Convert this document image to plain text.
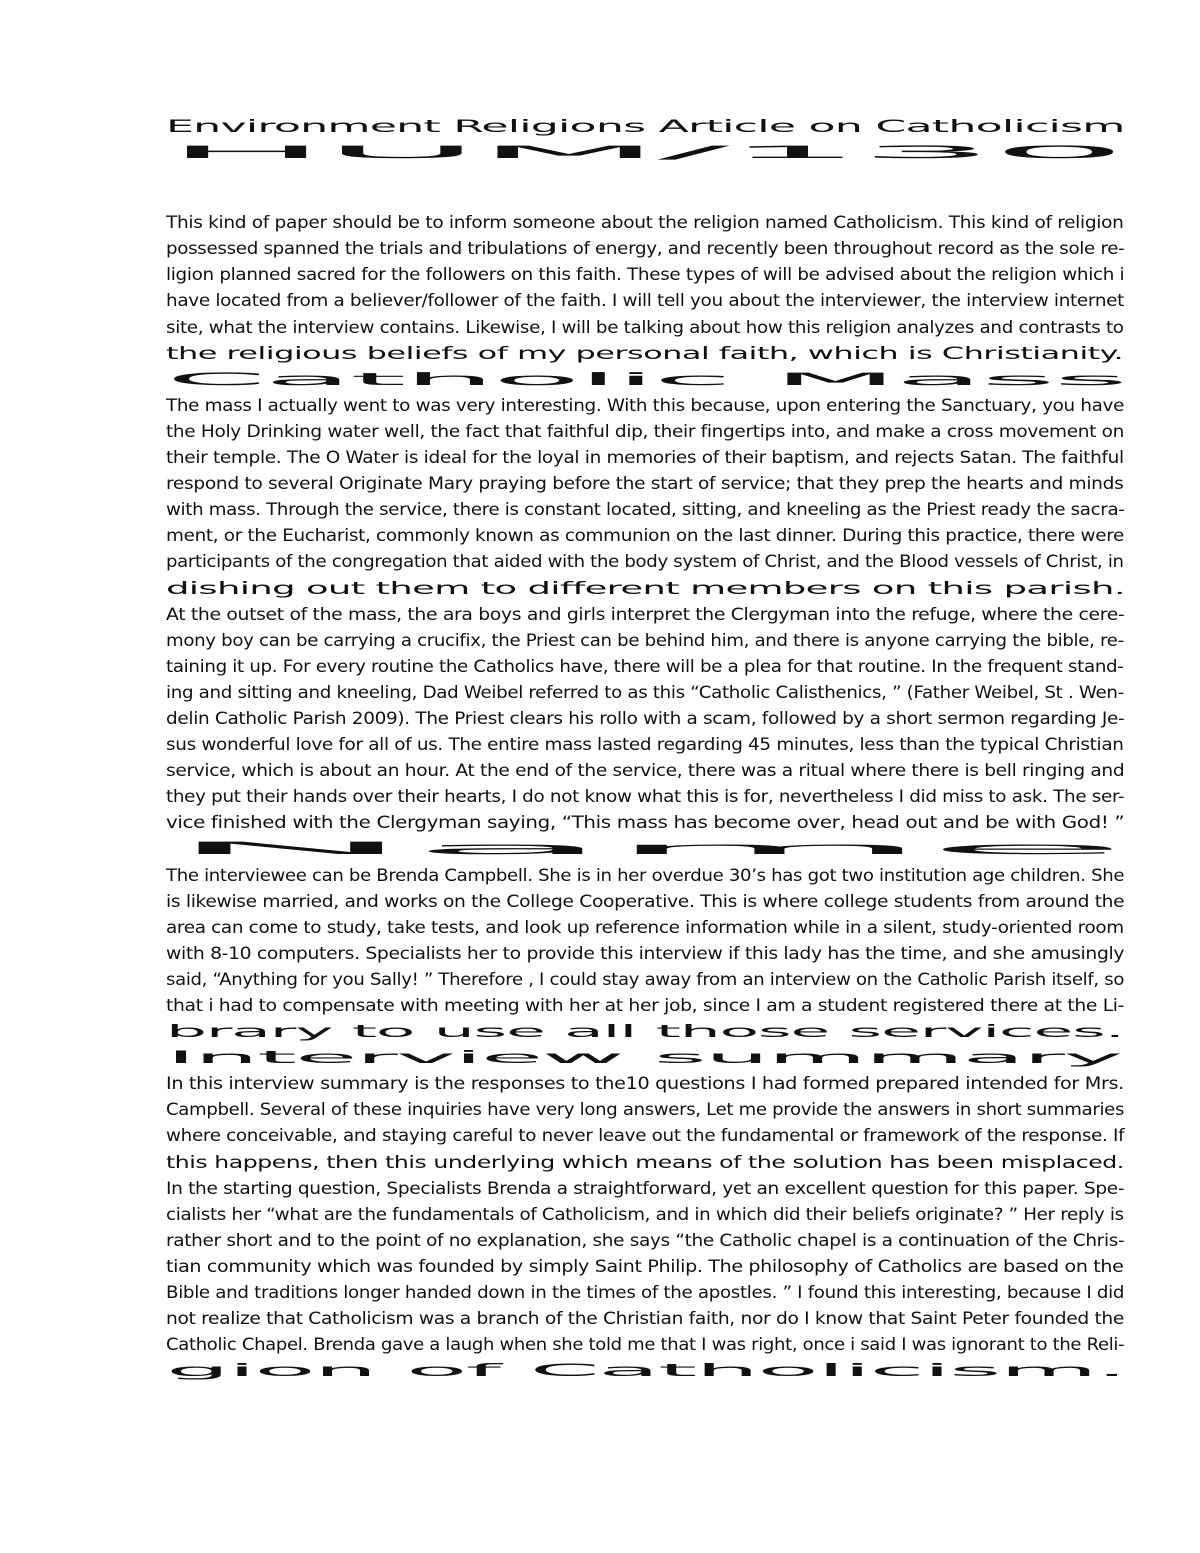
Environment Religions Article on Catholicism
HUM/130
This kind of paper should be to inform someone about the religion named Catholicism. This kind of religion
possessed spanned the trials and tribulations of energy, and recently been throughout record as the sole re-
ligion planned sacred for the followers on this faith. These types of will be advised about the religion which i
have located from a believer/follower of the faith. I will tell you about the interviewer, the interview internet
site, what the interview contains. Likewise, I will be talking about how this religion analyzes and contrasts to
the religious beliefs of my personal faith, which is Christianity.
Catholic Mass
The mass I actually went to was very interesting. With this because, upon entering the Sanctuary, you have
the Holy Drinking water well, the fact that faithful dip, their fingertips into, and make a cross movement on
their temple. The O Water is ideal for the loyal in memories of their baptism, and rejects Satan. The faithful
respond to several Originate Mary praying before the start of service; that they prep the hearts and minds
with mass. Through the service, there is constant located, sitting, and kneeling as the Priest ready the sacra-
ment, or the Eucharist, commonly known as communion on the last dinner. During this practice, there were
participants of the congregation that aided with the body system of Christ, and the Blood vessels of Christ, in
dishing out them to different members on this parish.
At the outset of the mass, the ara boys and girls interpret the Clergyman into the refuge, where the cere-
mony boy can be carrying a crucifix, the Priest can be behind him, and there is anyone carrying the bible, re-
taining it up. For every routine the Catholics have, there will be a plea for that routine. In the frequent stand-
ing and sitting and kneeling, Dad Weibel referred to as this “Catholic Calisthenics, ” (Father Weibel, St . Wen-
delin Catholic Parish 2009). The Priest clears his rollo with a scam, followed by a short sermon regarding Je-
sus wonderful love for all of us. The entire mass lasted regarding 45 minutes, less than the typical Christian
service, which is about an hour. At the end of the service, there was a ritual where there is bell ringing and
they put their hands over their hearts, I do not know what this is for, nevertheless I did miss to ask. The ser-
vice finished with the Clergyman saying, “This mass has become over, head out and be with God! ”
Name
The interviewee can be Brenda Campbell. She is in her overdue 30’s has got two institution age children. She
is likewise married, and works on the College Cooperative. This is where college students from around the
area can come to study, take tests, and look up reference information while in a silent, study-oriented room
with 8-10 computers. Specialists her to provide this interview if this lady has the time, and she amusingly
said, “Anything for you Sally! ” Therefore , I could stay away from an interview on the Catholic Parish itself, so
that i had to compensate with meeting with her at her job, since I am a student registered there at the Li-
brary to use all those services.
Interview summary
In this interview summary is the responses to the10 questions I had formed prepared intended for Mrs.
Campbell. Several of these inquiries have very long answers, Let me provide the answers in short summaries
where conceivable, and staying careful to never leave out the fundamental or framework of the response. If
this happens, then this underlying which means of the solution has been misplaced.
In the starting question, Specialists Brenda a straightforward, yet an excellent question for this paper. Spe-
cialists her “what are the fundamentals of Catholicism, and in which did their beliefs originate? ” Her reply is
rather short and to the point of no explanation, she says “the Catholic chapel is a continuation of the Chris-
tian community which was founded by simply Saint Philip. The philosophy of Catholics are based on the
Bible and traditions longer handed down in the times of the apostles. ” I found this interesting, because I did
not realize that Catholicism was a branch of the Christian faith, nor do I know that Saint Peter founded the
Catholic Chapel. Brenda gave a laugh when she told me that I was right, once i said I was ignorant to the Reli-
gion of Catholicism.
